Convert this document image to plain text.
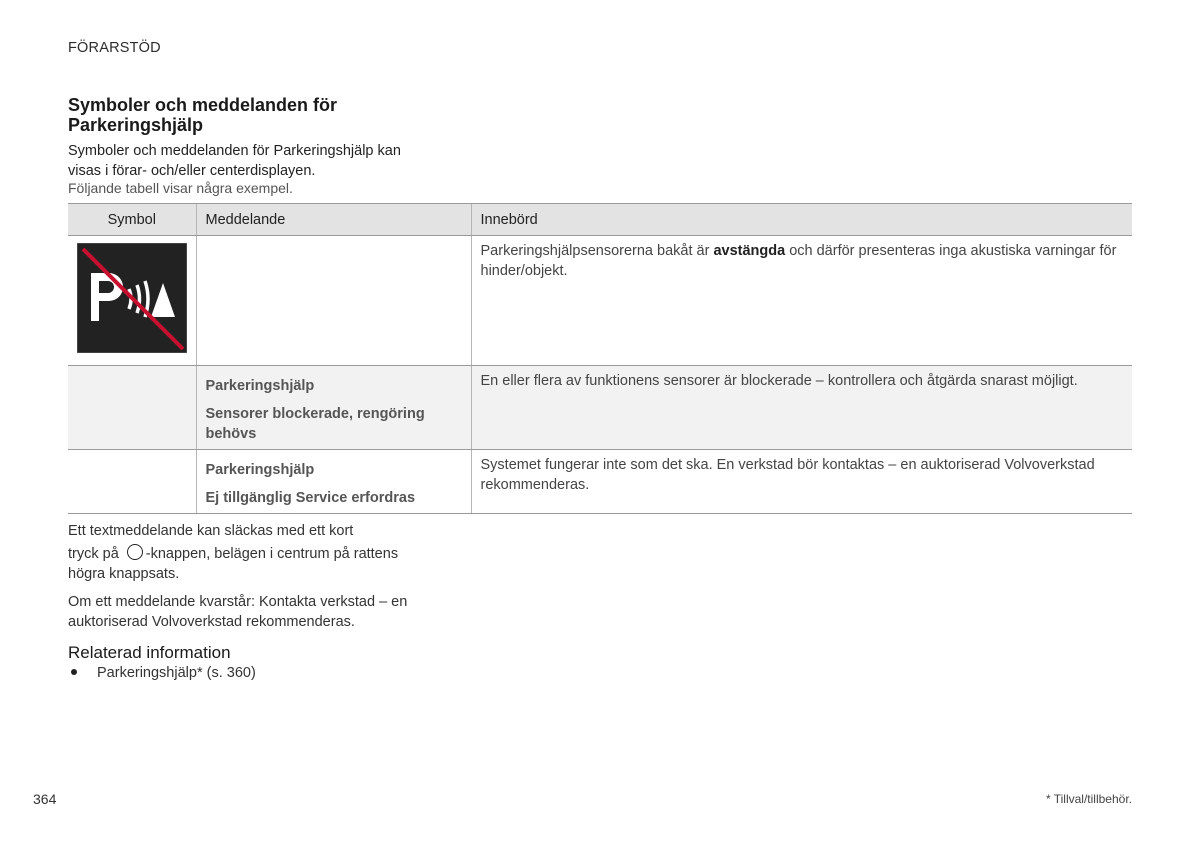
FÖRARSTÖD
Symboler och meddelanden för Parkeringshjälp
Symboler och meddelanden för Parkeringshjälp kan visas i förar- och/eller centerdisplayen.
Följande tabell visar några exempel.
Symbol	Meddelande	Innebörd

		Parkeringshjälpsensorerna bakåt är avstängda och därför presenteras inga akustiska varningar för hinder/objekt.

	Parkeringshjälp
Sensorer blockerade, rengöring behövs	En eller flera av funktionens sensorer är blockerade – kontrollera och åtgärda snarast möjligt.

	Parkeringshjälp
Ej tillgänglig Service erfordras	Systemet fungerar inte som det ska. En verkstad bör kontaktas – en auktoriserad Volvoverkstad rekommenderas.
Ett textmeddelande kan släckas med ett kort
tryck på -knappen, belägen i centrum på rattens högra knappsats.
Om ett meddelande kvarstår: Kontakta verkstad – en auktoriserad Volvoverkstad rekommenderas.
Relaterad information
Parkeringshjälp* (s. 360)
364	* Tillval/tillbehör.
